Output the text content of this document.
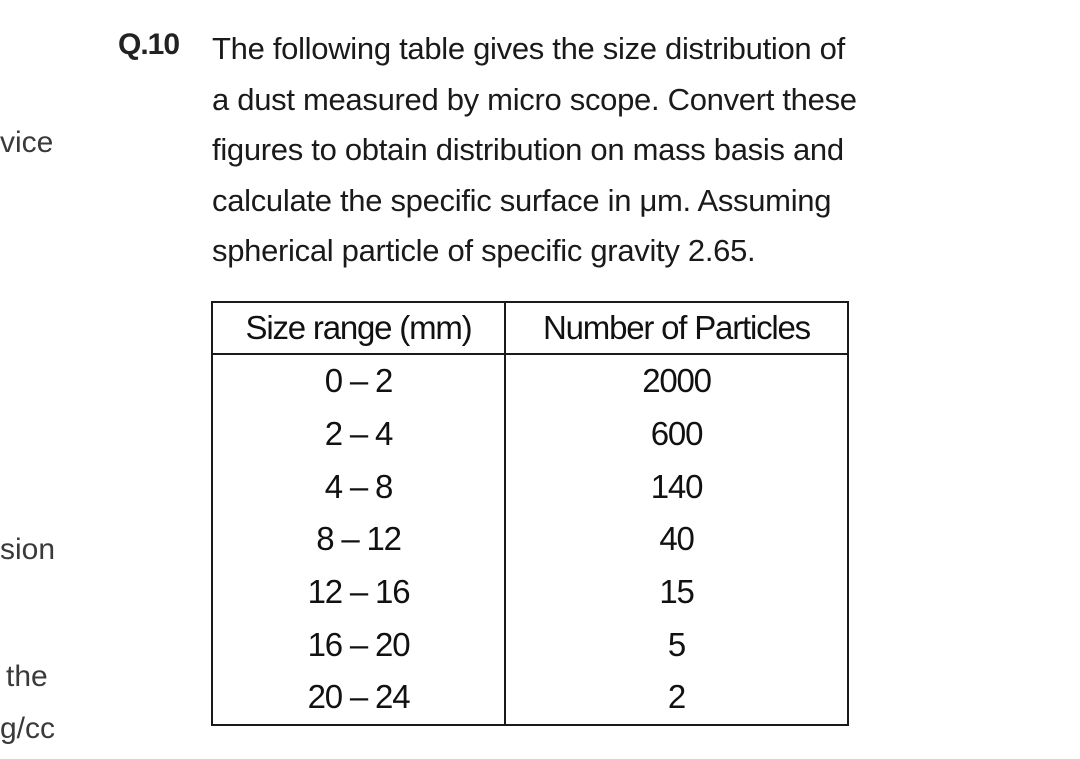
vice
sion
the
g/cc
Q.10 The following table gives the size distribution of
a dust measured by micro scope. Convert these
figures to obtain distribution on mass basis and
calculate the specific surface in μm. Assuming
spherical particle of specific gravity 2.65.
Size range (mm)	Number of Particles
0 – 2	2000
2 – 4	600
4 – 8	140
8 – 12	40
12 – 16	15
16 – 20	5
20 – 24	2
